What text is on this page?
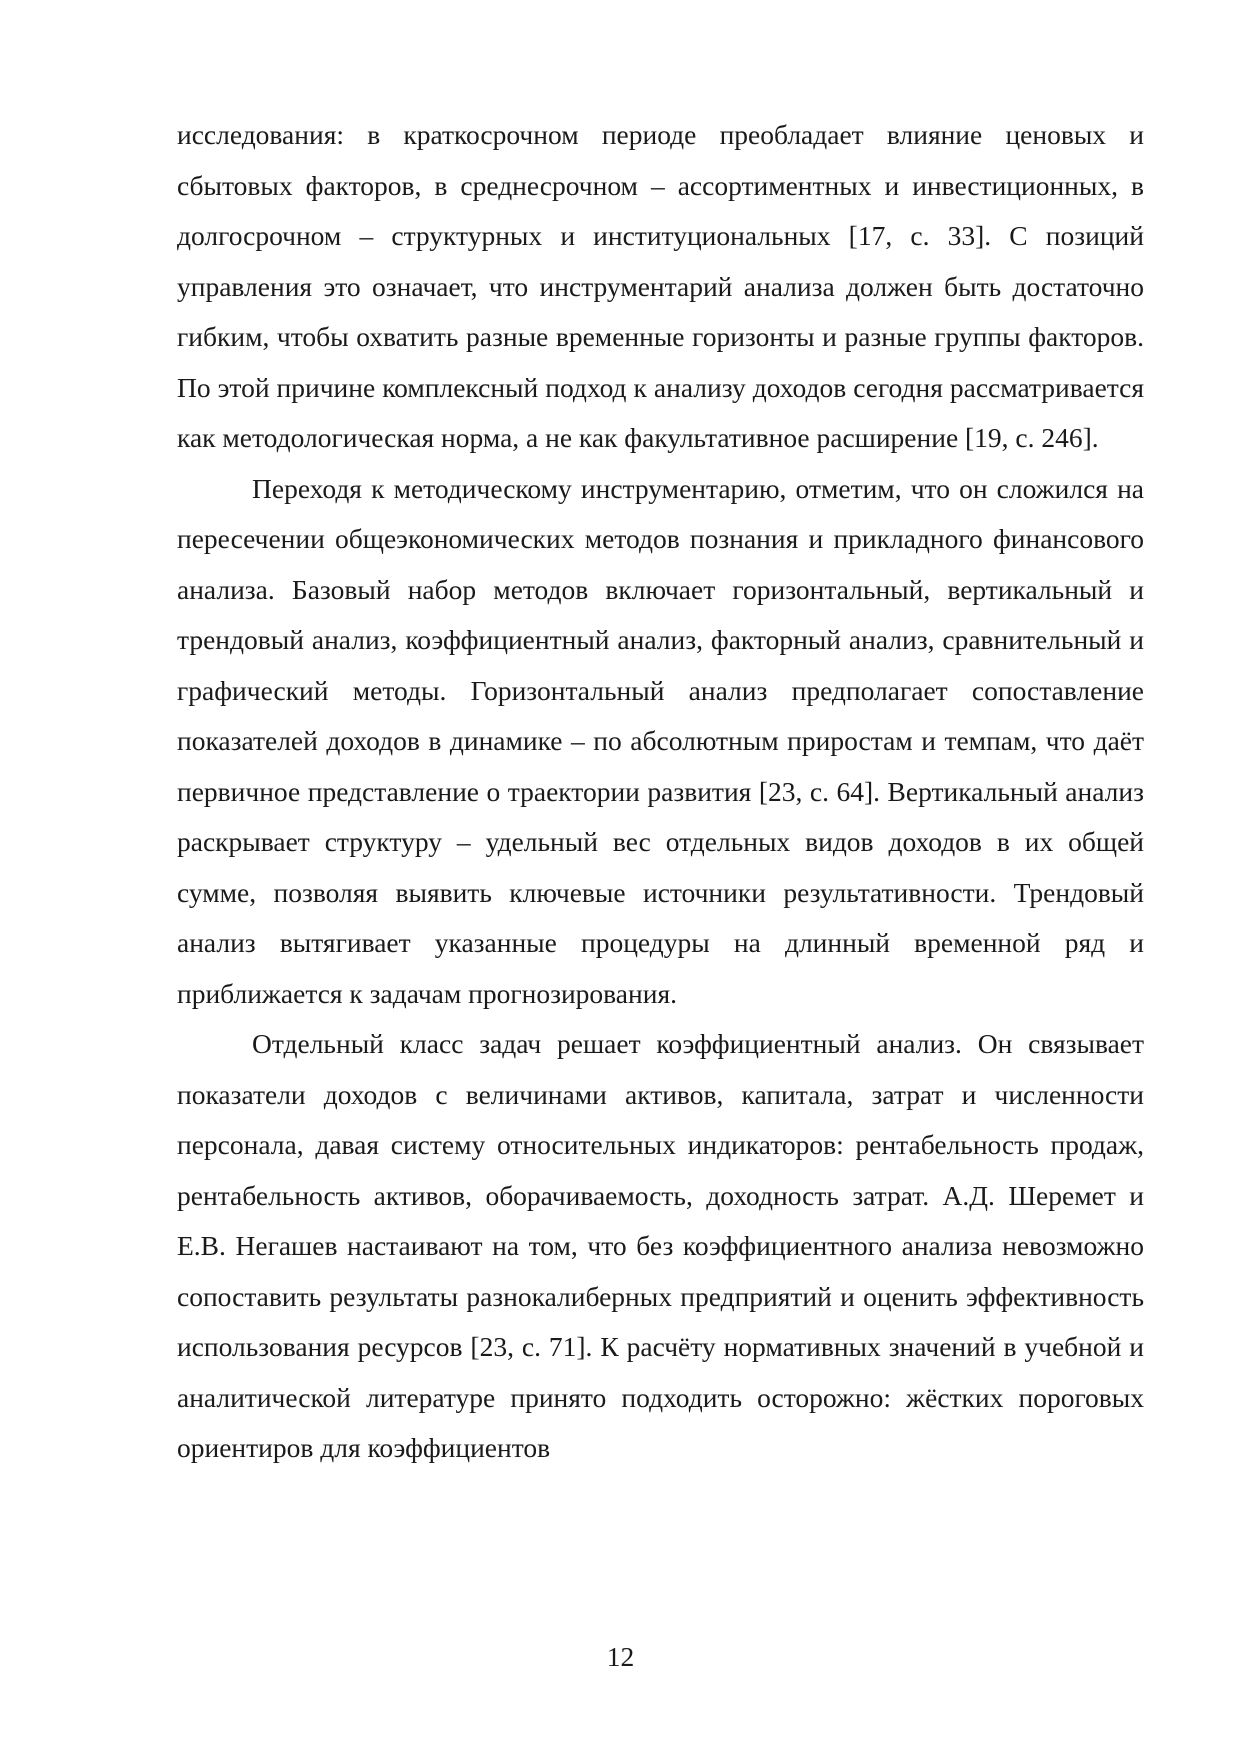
исследования: в краткосрочном периоде преобладает влияние ценовых и сбытовых факторов, в среднесрочном – ассортиментных и инвестиционных, в долгосрочном – структурных и институциональных [17, с. 33]. С позиций управления это означает, что инструментарий анализа должен быть достаточно гибким, чтобы охватить разные временные горизонты и разные группы факторов. По этой причине комплексный подход к анализу доходов сегодня рассматривается как методологическая норма, а не как факультативное расширение [19, с. 246].

Переходя к методическому инструментарию, отметим, что он сложился на пересечении общеэкономических методов познания и прикладного финансового анализа. Базовый набор методов включает горизонтальный, вертикальный и трендовый анализ, коэффициентный анализ, факторный анализ, сравнительный и графический методы. Горизонтальный анализ предполагает сопоставление показателей доходов в динамике – по абсолютным приростам и темпам, что даёт первичное представление о траектории развития [23, с. 64]. Вертикальный анализ раскрывает структуру – удельный вес отдельных видов доходов в их общей сумме, позволяя выявить ключевые источники результативности. Трендовый анализ вытягивает указанные процедуры на длинный временной ряд и приближается к задачам прогнозирования.

Отдельный класс задач решает коэффициентный анализ. Он связывает показатели доходов с величинами активов, капитала, затрат и численности персонала, давая систему относительных индикаторов: рентабельность продаж, рентабельность активов, оборачиваемость, доходность затрат. А.Д. Шеремет и Е.В. Негашев настаивают на том, что без коэффициентного анализа невозможно сопоставить результаты разнокалиберных предприятий и оценить эффективность использования ресурсов [23, с. 71]. К расчёту нормативных значений в учебной и аналитической литературе принято подходить осторожно: жёстких пороговых ориентиров для коэффициентов

12
